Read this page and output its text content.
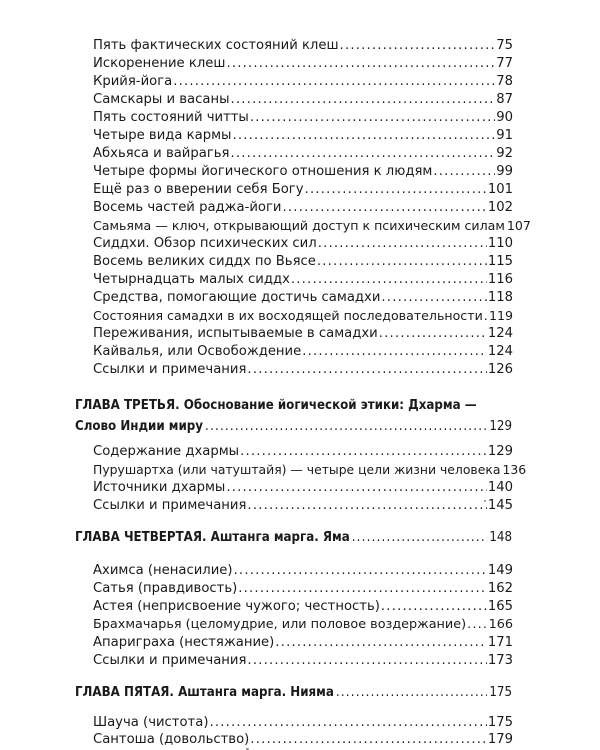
Пять фактических состояний клеш .....	75
Искоренение клеш .....	77
Крийя-йога .....	78
Самскары и васаны .....	87
Пять состояний читты .....	90
Четыре вида кармы .....	91
Абхьяса и вайрагья .....	92
Четыре формы йогического отношения к людям .....	99
Ещё раз о вверении себя Богу .....	101
Восемь частей раджа-йоги .....	102
Самьяма — ключ, открывающий доступ к психическим силам 107
Сиддхи. Обзор психических сил .....	110
Восемь великих сиддх по Вьясе .....	115
Четырнадцать малых сиддх .....	116
Средства, помогающие достичь самадхи .....	118
Состояния самадхи в их восходящей последовательности ..... 119
Переживания, испытываемые в самадхи .....	124
Кайвалья, или Освобождение .....	124
Ссылки и примечания .....	126
ГЛАВА ТРЕТЬЯ. Обоснование йогической этики: Дхарма —
Слово Индии миру .....	129
Содержание дхармы .....	129
Пурушартха (или чатуштайя) — четыре цели жизни человека 136
Источники дхармы .....	140
Ссылки и примечания .....	145
ГЛАВА ЧЕТВЕРТАЯ. Аштанга марга. Яма .....	148
Ахимса (ненасилие) .....	149
Сатья (правдивость) .....	162
Астея (неприсвоение чужого; честность) .....	165
Брахмачарья (целомудрие, или половое воздержание) ..... 166
Апариграха (нестяжание) .....	171
Ссылки и примечания .....	173
ГЛАВА ПЯТАЯ. Аштанга марга. Нияма .....	175
Шауча (чистота) .....	175
Сантоша (довольство) .....	179
